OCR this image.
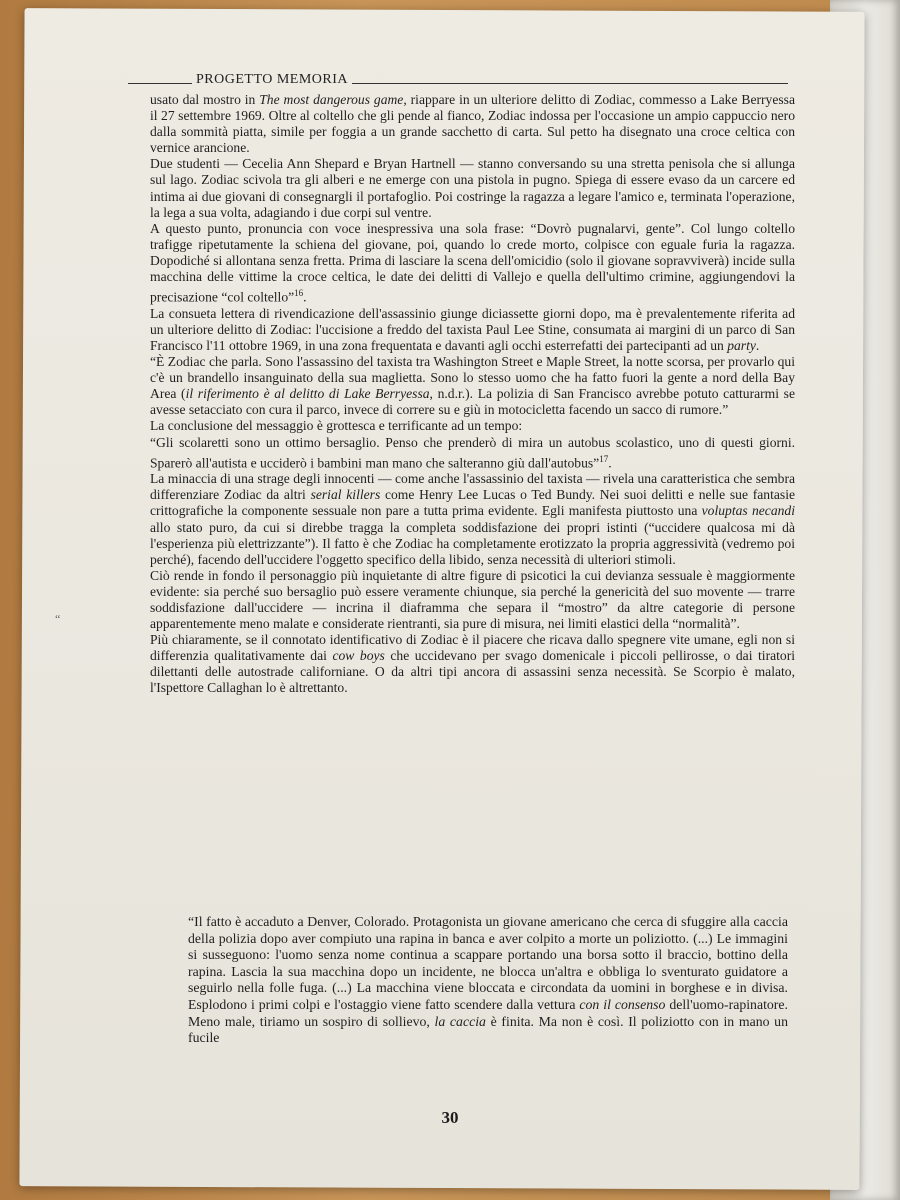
PROGETTO MEMORIA
“

usato dal mostro in The most dangerous game, riappare in un ulteriore delitto di Zodiac, commesso a Lake Berryessa il 27 settembre 1969. Oltre al coltello che gli pende al fianco, Zodiac indossa per l'occasione un ampio cappuccio nero dalla sommità piatta, simile per foggia a un grande sacchetto di carta. Sul petto ha disegnato una croce celtica con vernice arancione.

Due studenti — Cecelia Ann Shepard e Bryan Hartnell — stanno conversando su una stretta penisola che si allunga sul lago. Zodiac scivola tra gli alberi e ne emerge con una pistola in pugno. Spiega di essere evaso da un carcere ed intima ai due giovani di consegnargli il portafoglio. Poi costringe la ragazza a legare l'amico e, terminata l'operazione, la lega a sua volta, adagiando i due corpi sul ventre.

A questo punto, pronuncia con voce inespressiva una sola frase: “Dovrò pugnalarvi, gente”. Col lungo coltello trafigge ripetutamente la schiena del giovane, poi, quando lo crede morto, colpisce con eguale furia la ragazza. Dopodiché si allontana senza fretta. Prima di lasciare la scena dell'omicidio (solo il giovane sopravviverà) incide sulla macchina delle vittime la croce celtica, le date dei delitti di Vallejo e quella dell'ultimo crimine, aggiungendovi la precisazione “col coltello”$^{16}$.

La consueta lettera di rivendicazione dell'assassinio giunge diciassette giorni dopo, ma è prevalentemente riferita ad un ulteriore delitto di Zodiac: l'uccisione a freddo del taxista Paul Lee Stine, consumata ai margini di un parco di San Francisco l'11 ottobre 1969, in una zona frequentata e davanti agli occhi esterrefatti dei partecipanti ad un party.

“È Zodiac che parla. Sono l'assassino del taxista tra Washington Street e Maple Street, la notte scorsa, per provarlo qui c'è un brandello insanguinato della sua maglietta. Sono lo stesso uomo che ha fatto fuori la gente a nord della Bay Area (il riferimento è al delitto di Lake Berryessa, n.d.r.). La polizia di San Francisco avrebbe potuto catturarmi se avesse setacciato con cura il parco, invece di correre su e giù in motocicletta facendo un sacco di rumore.”

La conclusione del messaggio è grottesca e terrificante ad un tempo:

“Gli scolaretti sono un ottimo bersaglio. Penso che prenderò di mira un autobus scolastico, uno di questi giorni. Sparerò all'autista e ucciderò i bambini man mano che salteranno giù dall'autobus”$^{17}$.

La minaccia di una strage degli innocenti — come anche l'assassinio del taxista — rivela una caratteristica che sembra differenziare Zodiac da altri serial killers come Henry Lee Lucas o Ted Bundy. Nei suoi delitti e nelle sue fantasie crittografiche la componente sessuale non pare a tutta prima evidente. Egli manifesta piuttosto una voluptas necandi allo stato puro, da cui si direbbe tragga la completa soddisfazione dei propri istinti (“uccidere qualcosa mi dà l'esperienza più elettrizzante”). Il fatto è che Zodiac ha completamente erotizzato la propria aggressività (vedremo poi perché), facendo dell'uccidere l'oggetto specifico della libido, senza necessità di ulteriori stimoli.

Ciò rende in fondo il personaggio più inquietante di altre figure di psicotici la cui devianza sessuale è maggiormente evidente: sia perché suo bersaglio può essere veramente chiunque, sia perché la genericità del suo movente — trarre soddisfazione dall'uccidere — incrina il diaframma che separa il “mostro” da altre categorie di persone apparentemente meno malate e considerate rientranti, sia pure di misura, nei limiti elastici della “normalità”.

Più chiaramente, se il connotato identificativo di Zodiac è il piacere che ricava dallo spegnere vite umane, egli non si differenzia qualitativamente dai cow boys che uccidevano per svago domenicale i piccoli pellirosse, o dai tiratori dilettanti delle autostrade californiane. O da altri tipi ancora di assassini senza necessità. Se Scorpio è malato, l'Ispettore Callaghan lo è altrettanto.

“Il fatto è accaduto a Denver, Colorado. Protagonista un giovane americano che cerca di sfuggire alla caccia della polizia dopo aver compiuto una rapina in banca e aver colpito a morte un poliziotto. (...) Le immagini si susseguono: l'uomo senza nome continua a scappare portando una borsa sotto il braccio, bottino della rapina. Lascia la sua macchina dopo un incidente, ne blocca un'altra e obbliga lo sventurato guidatore a seguirlo nella folle fuga. (...) La macchina viene bloccata e circondata da uomini in borghese e in divisa. Esplodono i primi colpi e l'ostaggio viene fatto scendere dalla vettura con il consenso dell'uomo-rapinatore. Meno male, tiriamo un sospiro di sollievo, la caccia è finita. Ma non è così. Il poliziotto con in mano un fucile

30
